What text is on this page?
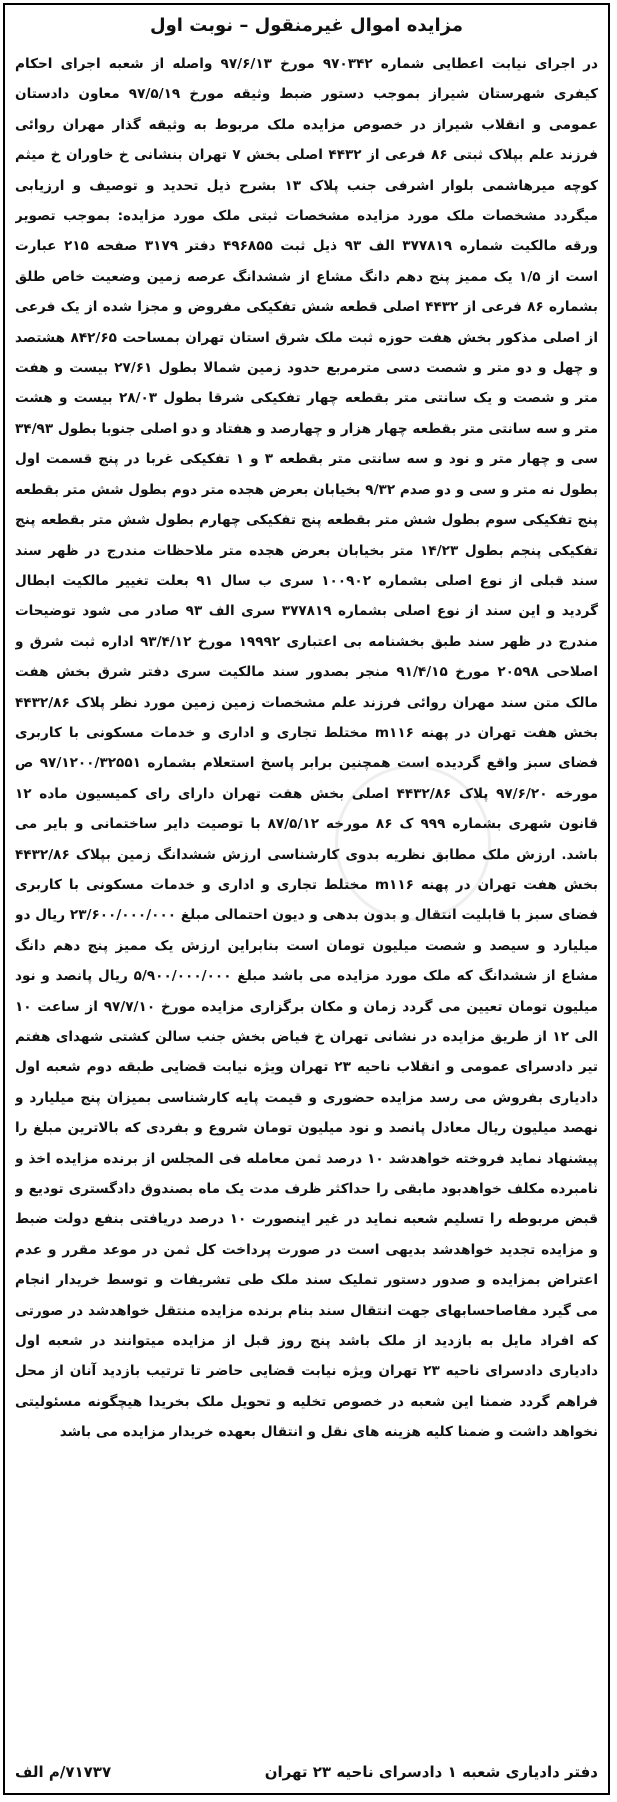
مزایده اموال غیرمنقول – نوبت اول
در اجرای نیابت اعطایی شماره ۹۷۰۳۴۲ مورخ ۹۷/۶/۱۳ واصله از شعبه اجرای احکام کیفری شهرستان شیراز بموجب دستور ضبط وثیقه مورخ ۹۷/۵/۱۹ معاون دادستان عمومی و انقلاب شیراز در خصوص مزایده ملک مربوط به وثیقه گذار مهران روائی فرزند علم بپلاک ثبتی ۸۶ فرعی از ۴۴۳۲ اصلی بخش ۷ تهران بنشانی خ خاوران خ میثم کوچه میرهاشمی بلوار اشرفی جنب پلاک ۱۳ بشرح ذیل تحدید و توصیف و ارزیابی میگردد مشخصات ملک مورد مزایده مشخصات ثبتی ملک مورد مزایده: بموجب تصویر ورقه مالکیت شماره ۳۷۷۸۱۹ الف ۹۳ ذیل ثبت ۴۹۶۸۵۵ دفتر ۳۱۷۹ صفحه ۲۱۵ عبارت است از ۱/۵ یک ممیز پنج دهم دانگ مشاع از ششدانگ عرصه زمین وضعیت خاص طلق بشماره ۸۶ فرعی از ۴۴۳۲ اصلی قطعه شش تفکیکی مفروض و مجزا شده از یک فرعی از اصلی مذکور بخش هفت حوزه ثبت ملک شرق استان تهران بمساحت ۸۴۲/۶۵ هشتصد و چهل و دو متر و شصت دسی مترمربع حدود زمین شمالا بطول ۲۷/۶۱ بیست و هفت متر و شصت و یک سانتی متر بقطعه چهار تفکیکی شرقا بطول ۲۸/۰۳ بیست و هشت متر و سه سانتی متر بقطعه چهار هزار و چهارصد و هفتاد و دو اصلی جنوبا بطول ۳۴/۹۳ سی و چهار متر و نود و سه سانتی متر بقطعه ۳ و ۱ تفکیکی غربا در پنج قسمت اول بطول نه متر و سی و دو صدم ۹/۳۲ بخیابان بعرض هجده متر دوم بطول شش متر بقطعه پنج تفکیکی سوم بطول شش متر بقطعه پنج تفکیکی چهارم بطول شش متر بقطعه پنج تفکیکی پنجم بطول ۱۴/۲۳ متر بخیابان بعرض هجده متر ملاحظات مندرج در ظهر سند سند قبلی از نوع اصلی بشماره ۱۰۰۹۰۲ سری ب سال ۹۱ بعلت تغییر مالکیت ابطال گردید و این سند از نوع اصلی بشماره ۳۷۷۸۱۹ سری الف ۹۳ صادر می شود توضیحات مندرج در ظهر سند طبق بخشنامه بی اعتباری ۱۹۹۹۲ مورخ ۹۳/۴/۱۲ اداره ثبت شرق و اصلاحی ۲۰۵۹۸ مورخ ۹۱/۴/۱۵ منجر بصدور سند مالکیت سری دفتر شرق بخش هفت مالک متن سند مهران روائی فرزند علم مشخصات زمین زمین مورد نظر پلاک ۴۴۳۲/۸۶ بخش هفت تهران در پهنه m۱۱۶ مختلط تجاری و اداری و خدمات مسکونی با کاربری فضای سبز واقع گردیده است همچنین برابر پاسخ استعلام بشماره ۹۷/۱۲۰۰/۳۲۵۵۱ ص مورخه ۹۷/۶/۲۰ پلاک ۴۴۳۲/۸۶ اصلی بخش هفت تهران دارای رای کمیسیون ماده ۱۲ قانون شهری بشماره ۹۹۹ ک ۸۶ مورخه ۸۷/۵/۱۲ با توصیت دایر ساختمانی و بایر می باشد. ارزش ملک مطابق نظریه بدوی کارشناسی ارزش ششدانگ زمین بپلاک ۴۴۳۲/۸۶ بخش هفت تهران در پهنه m۱۱۶ مختلط تجاری و اداری و خدمات مسکونی با کاربری فضای سبز با قابلیت انتقال و بدون بدهی و دیون احتمالی مبلغ ۲۳/۶۰۰/۰۰۰/۰۰۰ ریال دو میلیارد و سیصد و شصت میلیون تومان است بنابراین ارزش یک ممیز پنج دهم دانگ مشاع از ششدانگ که ملک مورد مزایده می باشد مبلغ ۵/۹۰۰/۰۰۰/۰۰۰ ریال پانصد و نود میلیون تومان تعیین می گردد زمان و مکان برگزاری مزایده مورخ ۹۷/۷/۱۰ از ساعت ۱۰ الی ۱۲ از طریق مزایده در نشانی تهران خ فیاض بخش جنب سالن کشتی شهدای هفتم تیر دادسرای عمومی و انقلاب ناحیه ۲۳ تهران ویژه نیابت قضایی طبقه دوم شعبه اول دادیاری بفروش می رسد مزایده حضوری و قیمت پایه کارشناسی بمیزان پنج میلیارد و نهصد میلیون ریال معادل پانصد و نود میلیون تومان شروع و بفردی که بالاترین مبلغ را پیشنهاد نماید فروخته خواهدشد ۱۰ درصد ثمن معامله فی المجلس از برنده مزایده اخذ و نامبرده مکلف خواهدبود مابقی را حداکثر ظرف مدت یک ماه بصندوق دادگستری تودیع و قبض مربوطه را تسلیم شعبه نماید در غیر اینصورت ۱۰ درصد دریافتی بنفع دولت ضبط و مزایده تجدید خواهدشد بدیهی است در صورت پرداخت کل ثمن در موعد مقرر و عدم اعتراض بمزایده و صدور دستور تملیک سند ملک طی تشریفات و توسط خریدار انجام می گیرد مفاصاحسابهای جهت انتقال سند بنام برنده مزایده منتقل خواهدشد در صورتی که افراد مایل به بازدید از ملک باشد پنج روز قبل از مزایده میتوانند در شعبه اول دادیاری دادسرای ناحیه ۲۳ تهران ویژه نیابت قضایی حاضر تا ترتیب بازدید آنان از محل فراهم گردد ضمنا این شعبه در خصوص تخلیه و تحویل ملک بخریدا هیچگونه مسئولیتی نخواهد داشت و ضمنا کلیه هزینه های نقل و انتقال بعهده خریدار مزایده می باشد
دفتر دادیاری شعبه ۱ دادسرای ناحیه ۲۳ تهران
۷۱۷۳۷/م الف
